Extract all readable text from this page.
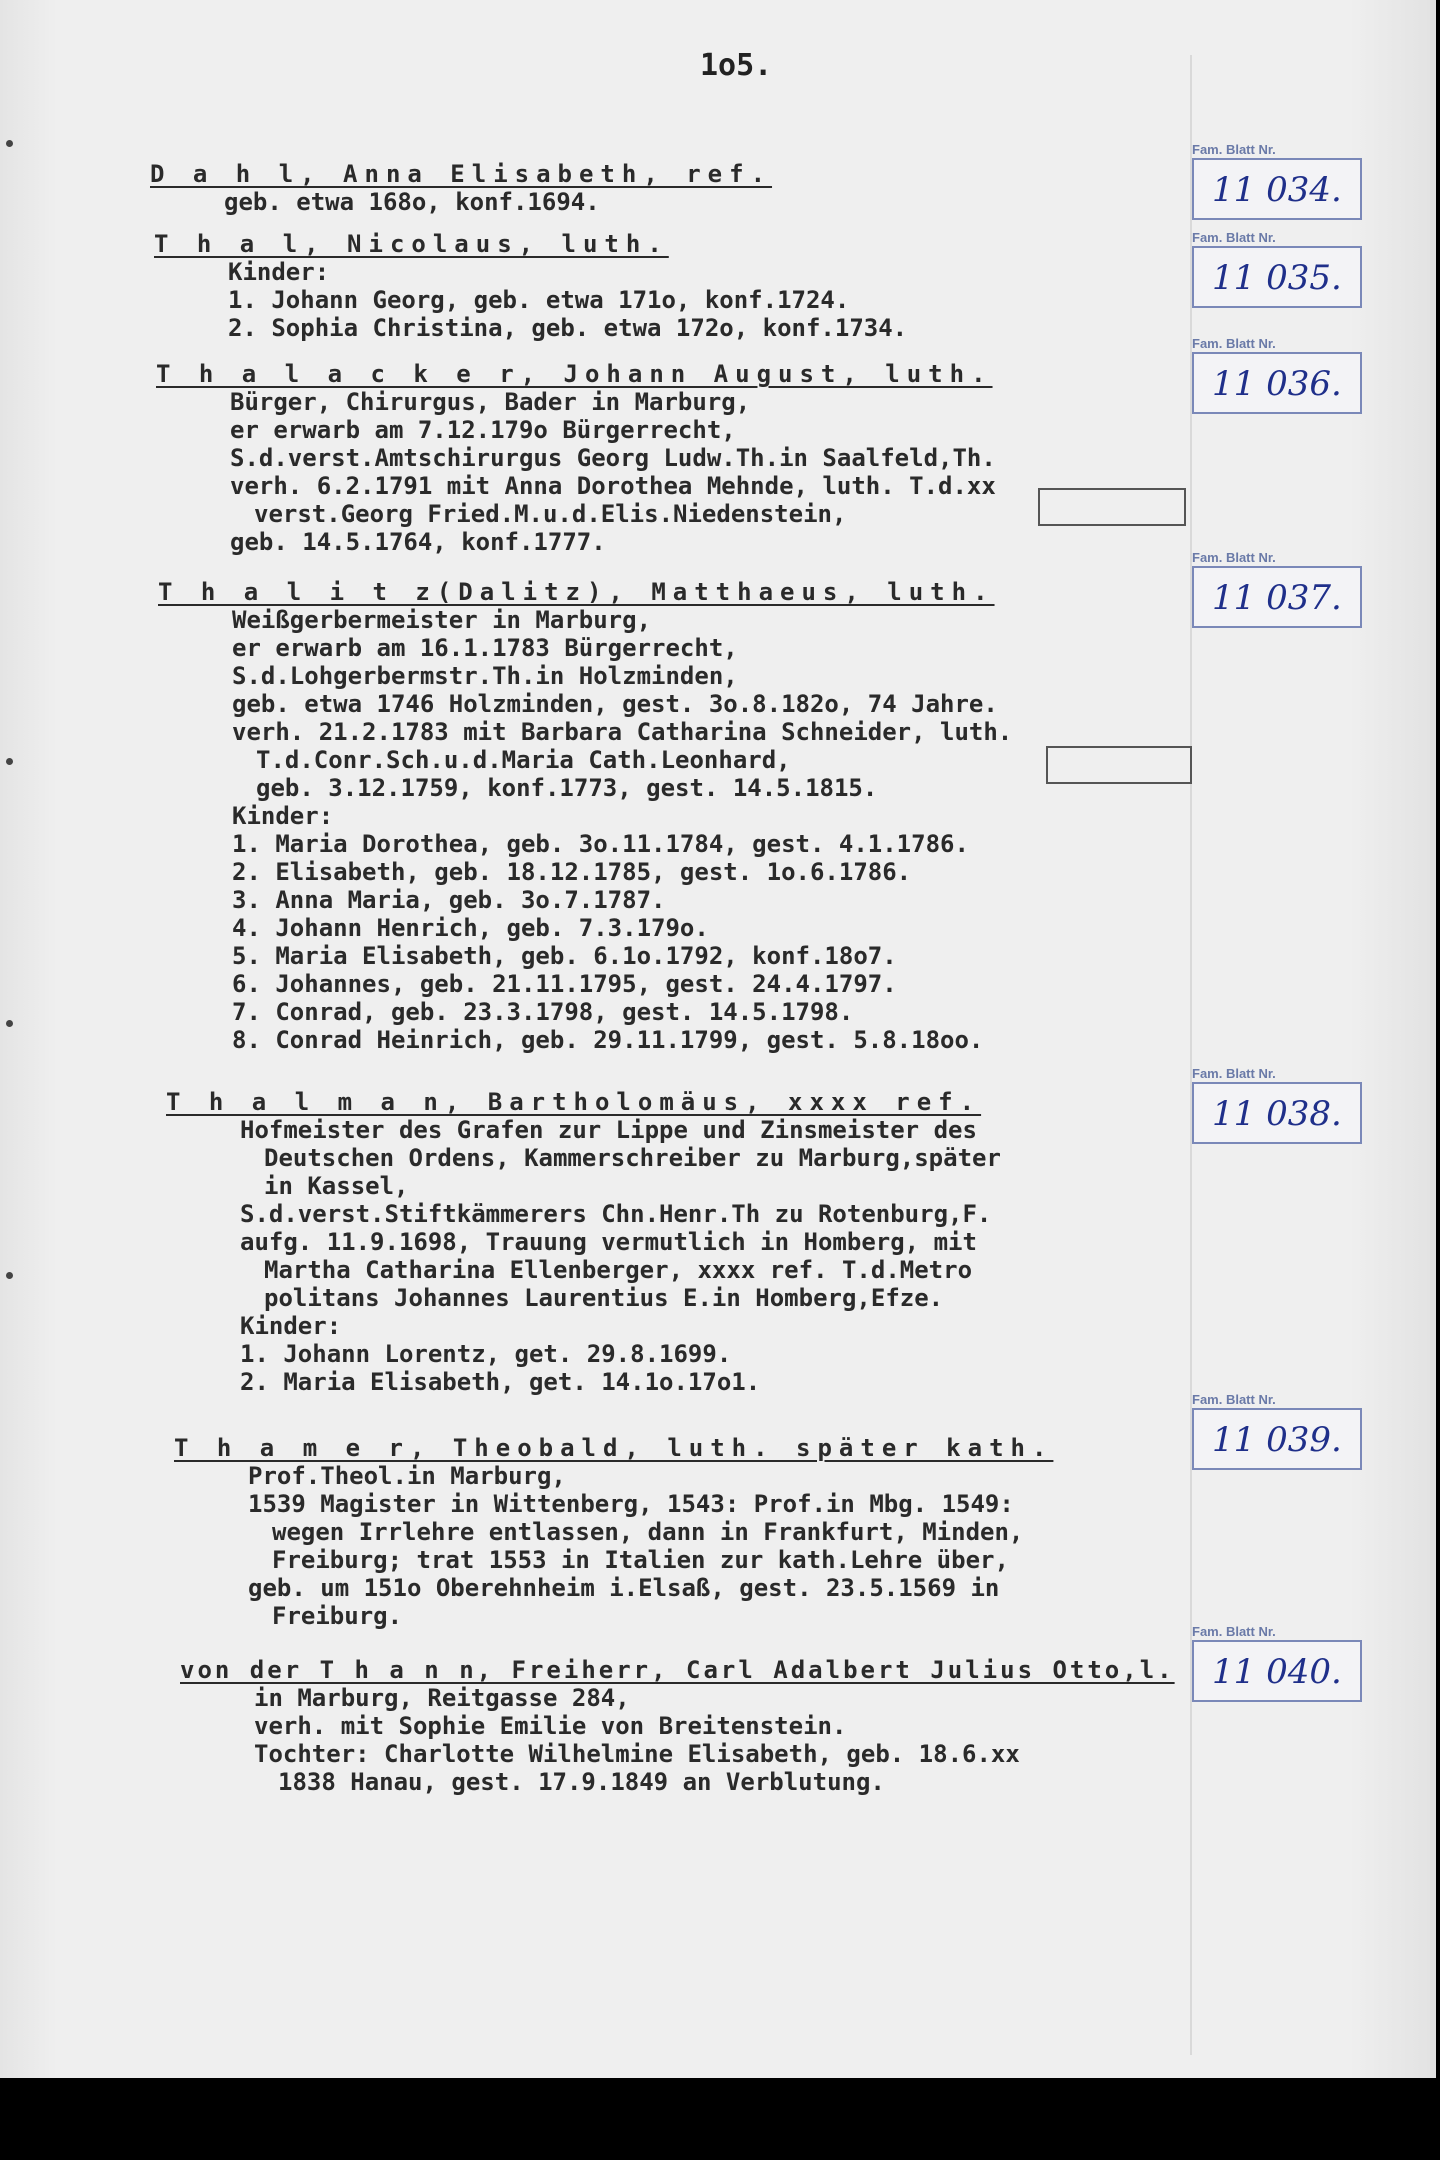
1o5.
D a h l, Anna Elisabeth, ref.
geb. etwa 168o, konf.1694.
Fam. Blatt Nr.
11 034.
T h a l, Nicolaus, luth.
Kinder:
1. Johann Georg, geb. etwa 171o, konf.1724.
2. Sophia Christina, geb. etwa 172o, konf.1734.
Fam. Blatt Nr.
11 035.
T h a l a c k e r, Johann August, luth.
Bürger, Chirurgus, Bader in Marburg,
er erwarb am 7.12.179o Bürgerrecht,
S.d.verst.Amtschirurgus Georg Ludw.Th.in Saalfeld,Th.
verh. 6.2.1791 mit Anna Dorothea Mehnde, luth. T.d.xx
verst.Georg Fried.M.u.d.Elis.Niedenstein,
geb. 14.5.1764, konf.1777.
Fam. Blatt Nr.
11 036.
T h a l i t z(Dalitz), Matthaeus, luth.
Weißgerbermeister in Marburg,
er erwarb am 16.1.1783 Bürgerrecht,
S.d.Lohgerbermstr.Th.in Holzminden,
geb. etwa 1746 Holzminden, gest. 3o.8.182o, 74 Jahre.
verh. 21.2.1783 mit Barbara Catharina Schneider, luth.
T.d.Conr.Sch.u.d.Maria Cath.Leonhard,
geb. 3.12.1759, konf.1773, gest. 14.5.1815.
Kinder:
1. Maria Dorothea, geb. 3o.11.1784, gest. 4.1.1786.
2. Elisabeth, geb. 18.12.1785, gest. 1o.6.1786.
3. Anna Maria, geb. 3o.7.1787.
4. Johann Henrich, geb. 7.3.179o.
5. Maria Elisabeth, geb. 6.1o.1792, konf.18o7.
6. Johannes, geb. 21.11.1795, gest. 24.4.1797.
7. Conrad, geb. 23.3.1798, gest. 14.5.1798.
8. Conrad Heinrich, geb. 29.11.1799, gest. 5.8.18oo.
Fam. Blatt Nr.
11 037.
T h a l m a n, Bartholomäus, xxxx ref.
Hofmeister des Grafen zur Lippe und Zinsmeister des
Deutschen Ordens, Kammerschreiber zu Marburg,später
in Kassel,
S.d.verst.Stiftkämmerers Chn.Henr.Th zu Rotenburg,F.
aufg. 11.9.1698, Trauung vermutlich in Homberg, mit
Martha Catharina Ellenberger, xxxx ref. T.d.Metro
politans Johannes Laurentius E.in Homberg,Efze.
Kinder:
1. Johann Lorentz, get. 29.8.1699.
2. Maria Elisabeth, get. 14.1o.17o1.
Fam. Blatt Nr.
11 038.
T h a m e r, Theobald, luth. später kath.
Prof.Theol.in Marburg,
1539 Magister in Wittenberg, 1543: Prof.in Mbg. 1549:
wegen Irrlehre entlassen, dann in Frankfurt, Minden,
Freiburg; trat 1553 in Italien zur kath.Lehre über,
geb. um 151o Oberehnheim i.Elsaß, gest. 23.5.1569 in
Freiburg.
Fam. Blatt Nr.
11 039.
von der T h a n n, Freiherr, Carl Adalbert Julius Otto,l.
in Marburg, Reitgasse 284,
verh. mit Sophie Emilie von Breitenstein.
Tochter: Charlotte Wilhelmine Elisabeth, geb. 18.6.xx
1838 Hanau, gest. 17.9.1849 an Verblutung.
Fam. Blatt Nr.
11 040.
